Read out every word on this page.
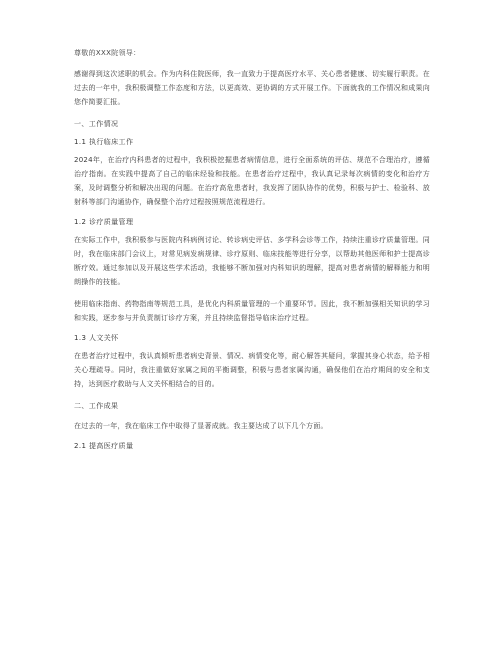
尊敬的XXX院领导：

感谢得到这次述职的机会。作为内科住院医师，我一直致力于提高医疗水平、关心患者健康、切实履行职责。在过去的一年中，我积极调整工作态度和方法，以更高效、更协调的方式开展工作。下面就我的工作情况和成果向您作简要汇报。

一、工作情况
1.1 执行临床工作

2024年，在治疗内科患者的过程中，我积极挖掘患者病情信息，进行全面系统的评估、规范不合理治疗，遵循治疗指南。在实践中提高了自己的临床经验和技能。在患者治疗过程中，我认真记录每次病情的变化和治疗方案，及时调整分析和解决出现的问题。在治疗高危患者时，我发挥了团队协作的优势，积极与护士、检验科、放射科等部门沟通协作，确保整个治疗过程按照规范流程进行。

1.2 诊疗质量管理

在实际工作中，我积极参与医院内科病例讨论、转诊病史评估、多学科会诊等工作，持续注重诊疗质量管理。同时，我在临床部门会议上，对常见病发病规律、诊疗原则、临床技能等进行分享，以帮助其他医师和护士提高诊断疗效。通过参加以及开展这些学术活动，我能够不断加强对内科知识的理解，提高对患者病情的解释能力和明朗操作的技能。

使用临床指南、药物指南等规范工具，是优化内科质量管理的一个重要环节。因此，我不断加强相关知识的学习和实践，逐步参与并负责制订诊疗方案，并且持续监督指导临床治疗过程。

1.3 人文关怀

在患者治疗过程中，我认真倾听患者病史背景、情况、病情变化等，耐心解答其疑问，掌握其身心状态，给予相关心理疏导。同时，我注重做好家属之间的平衡调整，积极与患者家属沟通，确保他们在治疗期间的安全和支持，达到医疗救助与人文关怀相结合的目的。

二、工作成果

在过去的一年，我在临床工作中取得了显著成就。我主要达成了以下几个方面。

2.1 提高医疗质量
